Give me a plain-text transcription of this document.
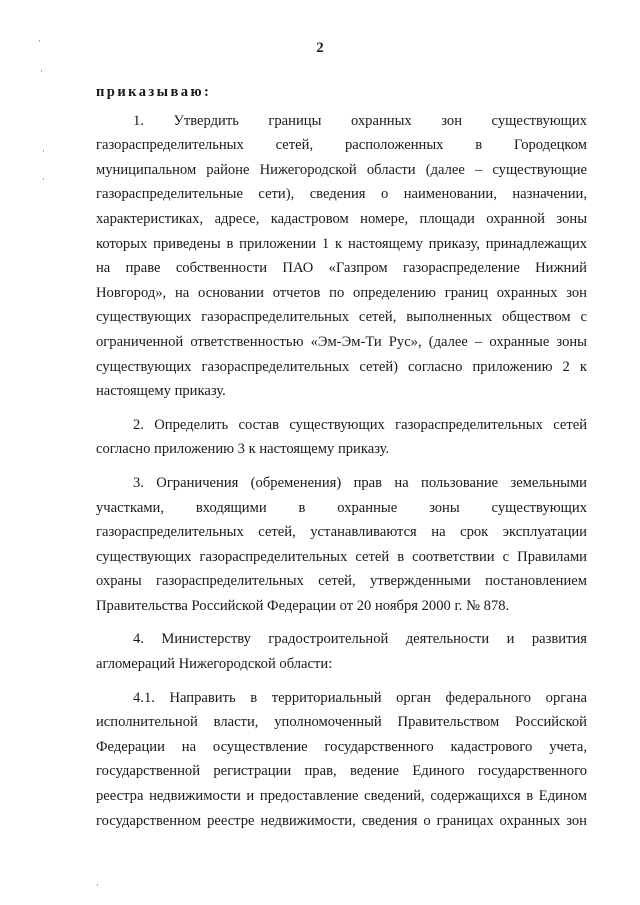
·
·
·
·
·
2
приказываю:
1. Утвердить границы охранных зон существующих
газораспределительных сетей, расположенных в Городецком
муниципальном районе Нижегородской области (далее – существующие
газораспределительные сети), сведения о наименовании, назначении,
характеристиках, адресе, кадастровом номере, площади охранной зоны
которых приведены в приложении 1 к настоящему приказу, принадлежащих
на праве собственности ПАО «Газпром газораспределение Нижний
Новгород», на основании отчетов по определению границ охранных зон
существующих газораспределительных сетей, выполненных обществом с
ограниченной ответственностью «Эм-Эм-Ти Рус», (далее – охранные зоны
существующих газораспределительных сетей) согласно приложению 2 к
настоящему приказу.
2. Определить состав существующих газораспределительных сетей
согласно приложению 3 к настоящему приказу.
3. Ограничения (обременения) прав на пользование земельными
участками, входящими в охранные зоны существующих
газораспределительных сетей, устанавливаются на срок эксплуатации
существующих газораспределительных сетей в соответствии с Правилами
охраны газораспределительных сетей, утвержденными постановлением
Правительства Российской Федерации от 20 ноября 2000 г. № 878.
4. Министерству градостроительной деятельности и развития
агломераций Нижегородской области:
4.1. Направить в территориальный орган федерального органа
исполнительной власти, уполномоченный Правительством Российской
Федерации на осуществление государственного кадастрового учета,
государственной регистрации прав, ведение Единого государственного
реестра недвижимости и предоставление сведений, содержащихся в Едином
государственном реестре недвижимости, сведения о границах охранных зон
